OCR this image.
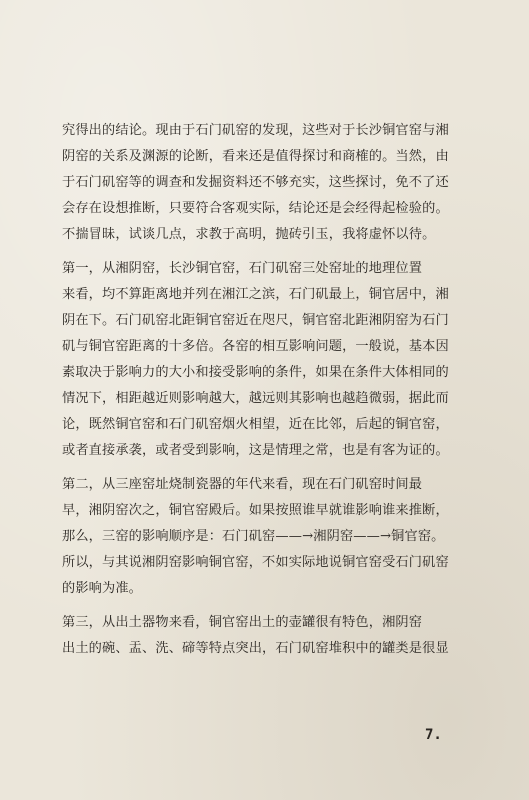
究得出的结论。现由于石门矶窑的发现，这些对于长沙铜官窑与湘
阴窑的关系及渊源的论断，看来还是值得探讨和商榷的。当然，由
于石门矶窑等的调查和发掘资料还不够充实，这些探讨，免不了还
会存在设想推断，只要符合客观实际，结论还是会经得起检验的。
不揣冒昧，试谈几点，求教于高明，抛砖引玉，我将虚怀以待。
第一，从湘阴窑，长沙铜官窑，石门矶窑三处窑址的地理位置
来看，均不算距离地并列在湘江之滨，石门矶最上，铜官居中，湘
阴在下。石门矶窑北距铜官窑近在咫尺，铜官窑北距湘阴窑为石门
矶与铜官窑距离的十多倍。各窑的相互影响问题，一般说，基本因
素取决于影响力的大小和接受影响的条件，如果在条件大体相同的
情况下，相距越近则影响越大，越远则其影响也越趋微弱，据此而
论，既然铜官窑和石门矶窑烟火相望，近在比邻，后起的铜官窑，
或者直接承袭，或者受到影响，这是情理之常，也是有客为证的。
第二，从三座窑址烧制瓷器的年代来看，现在石门矶窑时间最
早，湘阴窑次之，铜官窑殿后。如果按照谁早就谁影响谁来推断，
那么，三窑的影响顺序是：石门矶窑——→湘阴窑——→铜官窑。
所以，与其说湘阴窑影响铜官窑，不如实际地说铜官窑受石门矶窑
的影响为准。
第三，从出土器物来看，铜官窑出土的壶罐很有特色，湘阴窑
出土的碗、盂、洗、碲等特点突出，石门矶窑堆积中的罐类是很显
7.
